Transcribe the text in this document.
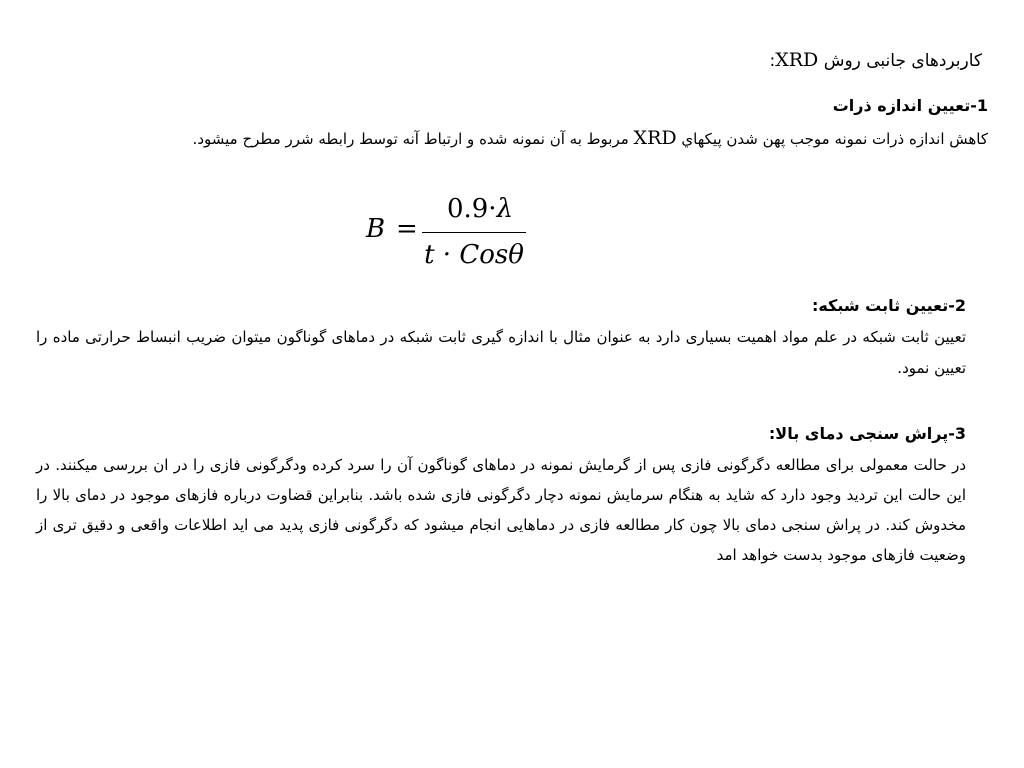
کاربردهای جانبی روش XRD:
1-تعیین اندازه ذرات
کاهش اندازه ذرات نمونه موجب پهن شدن پیکهاي XRD مربوط به آن نمونه شده و ارتباط آنه توسط رابطه شرر مطرح میشود.
B =
0.9·λ
t · Cosθ
2-تعیین ثابت شبکه:
تعیین ثابت شبکه در علم مواد اهمیت بسیاری دارد به عنوان مثال با اندازه گیری ثابت شبکه در دماهای گوناگون میتوان ضریب انبساط حرارتی ماده را تعیین نمود.
3-پراش سنجی دمای بالا:
در حالت معمولی برای مطالعه دگرگونی فازی پس از گرمایش نمونه در دماهای گوناگون آن را سرد کرده ودگرگونی فازی را در ان بررسی میکنند. در این حالت این تردید وجود دارد که شاید به هنگام سرمایش نمونه دچار دگرگونی فازی شده باشد. بنابراین قضاوت درباره فازهای موجود در دمای بالا را مخدوش کند. در پراش سنجی دمای بالا چون کار مطالعه فازی در دماهایی انجام میشود که دگرگونی فازی پدید می اید اطلاعات واقعی و دقیق تری از وضعیت فازهای موجود بدست خواهد امد
